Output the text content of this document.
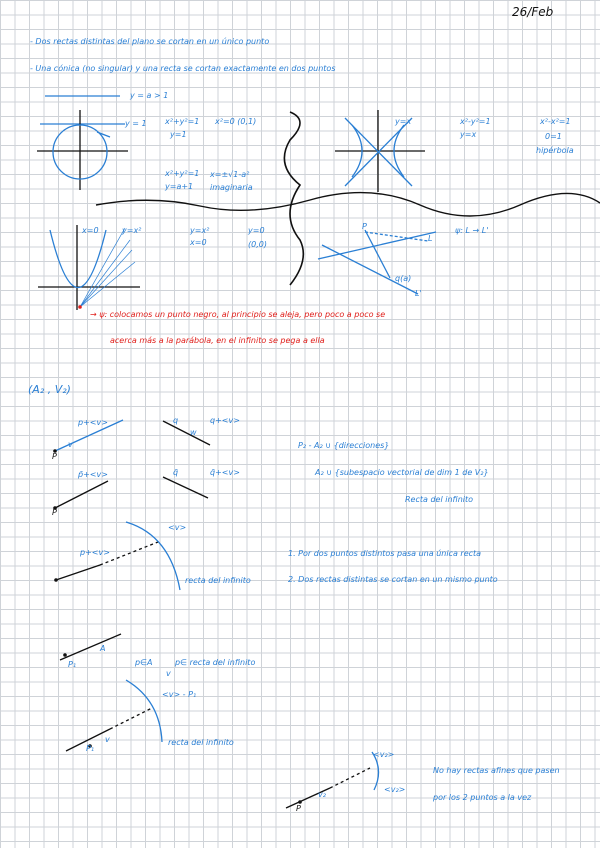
26/Feb
- Dos rectas distintas del plano se cortan en un único punto
- Una cónica (no singular) y una recta se cortan exactamente en dos puntos
y = a > 1
y = 1 x²+y²=1
y=1
x²=0 (0,1)
x²+y²=1
y=a+1
x=±√1-a²
imaginaria
y=x	x²-y²=1
y=x
x²-x²=1
0=1
hipérbola
x=0	y=x²	y=x²
x=0
y=0
(0,0)
P
L
L'
q(a)
ψ: L → L'
→ ψ: colocamos un punto negro, al principio se aleja, pero poco a poco se
acerca más a la parábola, en el infinito se pega a ella
(A₂ , V₂)
p+<v>	q	q+<v>
P
v
w
p̄+<v>	q̄	q̄+<v>
P̄
P₂ - A₂ ∪ {direcciones}
A₂ ∪ {subespacio vectorial de dim 1 de V₂}
Recta del infinito
p+<v>
<v>
recta del infinito
1. Por dos puntos distintos pasa una única recta
2. Dos rectas distintas se cortan en un mismo punto
A
P₁	p∈A	p∈ recta del infinito
v
<v> - P₁
P₁
v	recta del infinito
<v₂>
<v₂>
v₂
P
No hay rectas afines que pasen
por los 2 puntos a la vez
